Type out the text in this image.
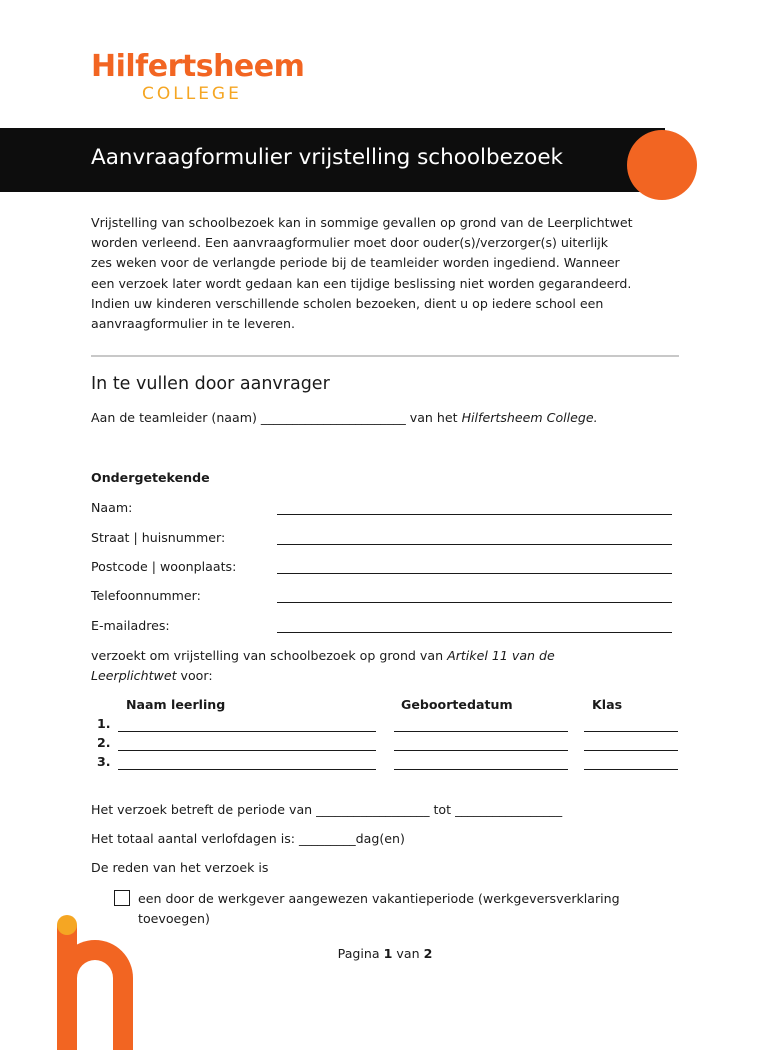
Hilfertsheem
COLLEGE
Aanvraagformulier vrijstelling schoolbezoek

Vrijstelling van schoolbezoek kan in sommige gevallen op grond van de Leerplichtwet

worden verleend. Een aanvraagformulier moet door ouder(s)/verzorger(s) uiterlijk

zes weken voor de verlangde periode bij de teamleider worden ingediend. Wanneer

een verzoek later wordt gedaan kan een tijdige beslissing niet worden gegarandeerd.

Indien uw kinderen verschillende scholen bezoeken, dient u op iedere school een

aanvraagformulier in te leveren.

In te vullen door aanvrager
Aan de teamleider (naam) _______________________ van het Hilfertsheem College.
Ondergetekende
Naam:
Straat | huisnummer:
Postcode | woonplaats:
Telefoonnummer:
E-mailadres:
verzoekt om vrijstelling van schoolbezoek op grond van Artikel 11 van de
Leerplichtwet voor:
Naam leerling	Geboortedatum	Klas
1.
2.
3.
Het verzoek betreft de periode van __________________ tot _________________
Het totaal aantal verlofdagen is: _________dag(en)
De reden van het verzoek is
een door de werkgever aangewezen vakantieperiode (werkgeversverklaring toevoegen)
Pagina 1 van 2
